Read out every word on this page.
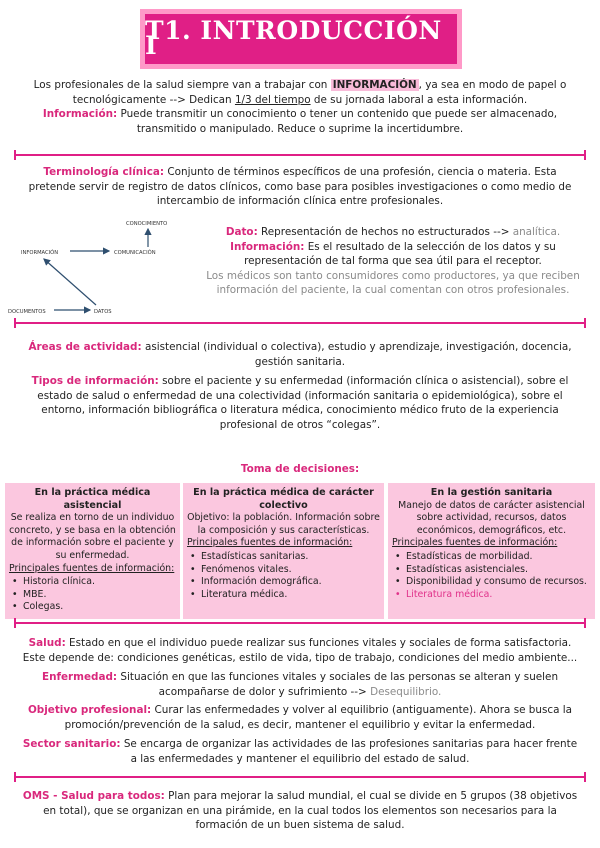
T1. INTRODUCCIÓN I
Los profesionales de la salud siempre van a trabajar con INFORMACIÓN , ya sea en modo de papel o
tecnológicamente --> Dedican 1/3 del tiempo de su jornada laboral a esta información.
Información: Puede transmitir un conocimiento o tener un contenido que puede ser almacenado,
transmitido o manipulado. Reduce o suprime la incertidumbre.
Terminología clínica: Conjunto de términos específicos de una profesión, ciencia o materia. Esta
pretende servir de registro de datos clínicos, como base para posibles investigaciones o como medio de
intercambio de información clínica entre profesionales.
CONOCIMIENTO
INFORMACIÓN	COMUNICACIÓN
DOCUMENTOS	DATOS
Dato: Representación de hechos no estructurados --> analítica.
Información: Es el resultado de la selección de los datos y su
representación de tal forma que sea útil para el receptor.
Los médicos son tanto consumidores como productores, ya que reciben
información del paciente, la cual comentan con otros profesionales.
Áreas de actividad: asistencial (individual o colectiva), estudio y aprendizaje, investigación, docencia,
gestión sanitaria.
Tipos de información: sobre el paciente y su enfermedad (información clínica o asistencial), sobre el
estado de salud o enfermedad de una colectividad (información sanitaria o epidemiológica), sobre el
entorno, información bibliográfica o literatura médica, conocimiento médico fruto de la experiencia
profesional de otros “colegas”.
Toma de decisiones:
En la práctica médica asistencial
Se realiza en torno de un individuo
concreto, y se basa en la obtención
de información sobre el paciente y
su enfermedad.
Principales fuentes de información:
• Historia clínica.
• MBE.
• Colegas.
En la práctica médica de carácter colectivo
Objetivo: la población. Información sobre
la composición y sus características.
Principales fuentes de información:
• Estadísticas sanitarias.
• Fenómenos vitales.
• Información demográfica.
• Literatura médica.
En la gestión sanitaria
Manejo de datos de carácter asistencial
sobre actividad, recursos, datos
económicos, demográficos, etc.
Principales fuentes de información:
• Estadísticas de morbilidad.
• Estadísticas asistenciales.
• Disponibilidad y consumo de recursos.
• Literatura médica.
Salud: Estado en que el individuo puede realizar sus funciones vitales y sociales de forma satisfactoria.
Este depende de: condiciones genéticas, estilo de vida, tipo de trabajo, condiciones del medio ambiente...
Enfermedad: Situación en que las funciones vitales y sociales de las personas se alteran y suelen
acompañarse de dolor y sufrimiento --> Desequilibrio.
Objetivo profesional: Curar las enfermedades y volver al equilibrio (antiguamente). Ahora se busca la
promoción/prevención de la salud, es decir, mantener el equilibrio y evitar la enfermedad.
Sector sanitario: Se encarga de organizar las actividades de las profesiones sanitarias para hacer frente
a las enfermedades y mantener el equilibrio del estado de salud.
OMS - Salud para todos: Plan para mejorar la salud mundial, el cual se divide en 5 grupos (38 objetivos
en total), que se organizan en una pirámide, en la cual todos los elementos son necesarios para la
formación de un buen sistema de salud.
